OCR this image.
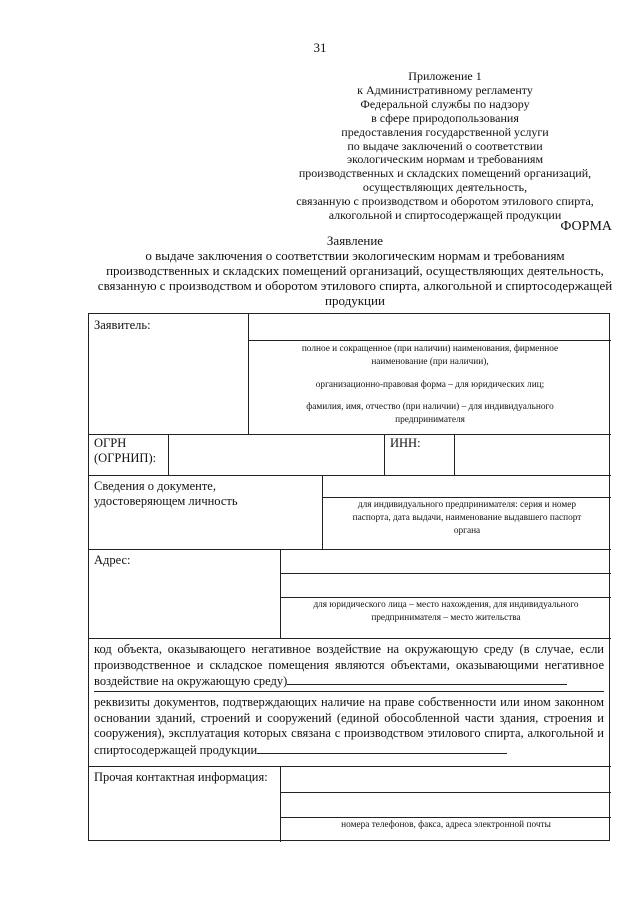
31
Приложение 1
к Административному регламенту
Федеральной службы по надзору
в сфере природопользования
предоставления государственной услуги
по выдаче заключений о соответствии
экологическим нормам и требованиям
производственных и складских помещений организаций,
осуществляющих деятельность,
связанную с производством и оборотом этилового спирта,
алкогольной и спиртосодержащей продукции
ФОРМА
Заявление
о выдаче заключения о соответствии экологическим нормам и требованиям
производственных и складских помещений организаций, осуществляющих деятельность,
связанную с производством и оборотом этилового спирта, алкогольной и спиртосодержащей
продукции
Заявитель:
полное и сокращенное (при наличии) наименования, фирменное
наименование (при наличии),
организационно-правовая форма – для юридических лиц;
фамилия, имя, отчество (при наличии) – для индивидуального
предпринимателя
ОГРН
(ОГРНИП):
ИНН:
Сведения о документе,
удостоверяющем личность	для индивидуального предпринимателя: серия и номер
паспорта, дата выдачи, наименование выдавшего паспорт
органа
Адрес:
для юридического лица – место нахождения, для индивидуального
предпринимателя – место жительства
код объекта, оказывающего негативное воздействие на окружающую среду (в случае, если производственное и складское помещения являются объектами, оказывающими негативное воздействие на окружающую среду)
реквизиты документов, подтверждающих наличие на праве собственности или ином законном основании зданий, строений и сооружений (единой обособленной части здания, строения и сооружения), эксплуатация которых связана с производством этилового спирта, алкогольной и спиртосодержащей продукции
Прочая контактная информация:
номера телефонов, факса, адреса электронной почты
